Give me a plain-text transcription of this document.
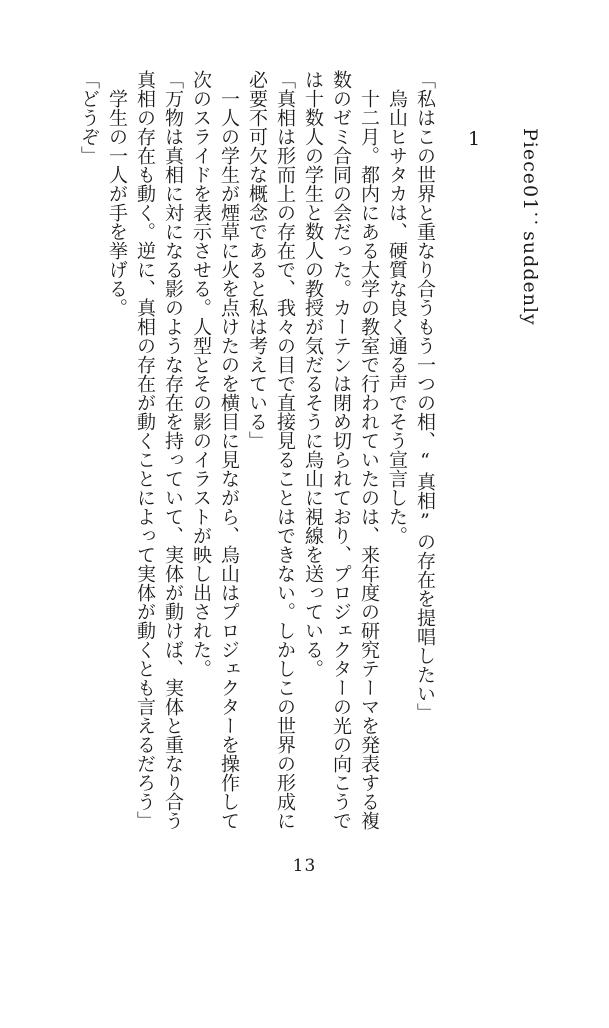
Piece01：suddenly
1
「私はこの世界と重なり合うもう一つの相、“真相”の存在を提唱したい」
　烏山ヒサタカは、硬質な良く通る声でそう宣言した。
　十二月。都内にある大学の教室で行われていたのは、来年度の研究テーマを発表する複
数のゼミ合同の会だった。カーテンは閉め切られており、プロジェクターの光の向こうで
は十数人の学生と数人の教授が気だるそうに烏山に視線を送っている。
「真相は形而上の存在で、我々の目で直接見ることはできない。しかしこの世界の形成に
必要不可欠な概念であると私は考えている」
　一人の学生が煙草に火を点けたのを横目に見ながら、烏山はプロジェクターを操作して
次のスライドを表示させる。人型とその影のイラストが映し出された。
「万物は真相に対になる影のような存在を持っていて、実体が動けば、実体と重なり合う
真相の存在も動く。逆に、真相の存在が動くことによって実体が動くとも言えるだろう」
　学生の一人が手を挙げる。
「どうぞ」
13
